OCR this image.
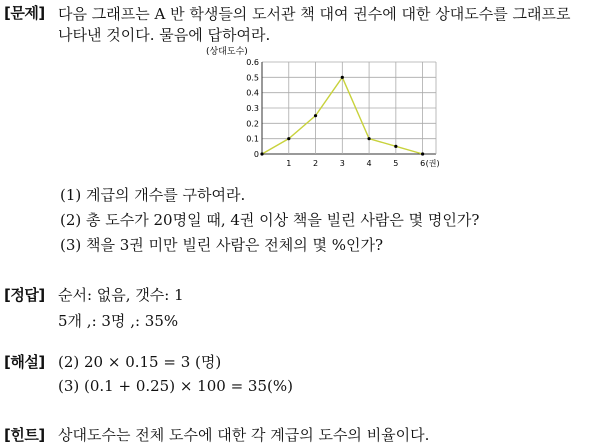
[문제] 다음 그래프는 A 반 학생들의 도서관 책 대여 권수에 대한 상대도수를 그래프로
나타낸 것이다. 물음에 답하여라.
(상대도수)
0
0.1
0.2
0.3
0.4
0.5
0.6
1	2	3	4	5	6 (권)
(1) 계급의 개수를 구하여라.
(2) 총 도수가 20명일 때, 4권 이상 책을 빌린 사람은 몇 명인가?
(3) 책을 3권 미만 빌린 사람은 전체의 몇 %인가?
[정답] 순서: 없음, 갯수: 1
5개 ,: 3명 ,: 35%
[해설] (2) 20 × 0.15 = 3 (명)
(3) (0.1 + 0.25) × 100 = 35(%)
[힌트] 상대도수는 전체 도수에 대한 각 계급의 도수의 비율이다.
